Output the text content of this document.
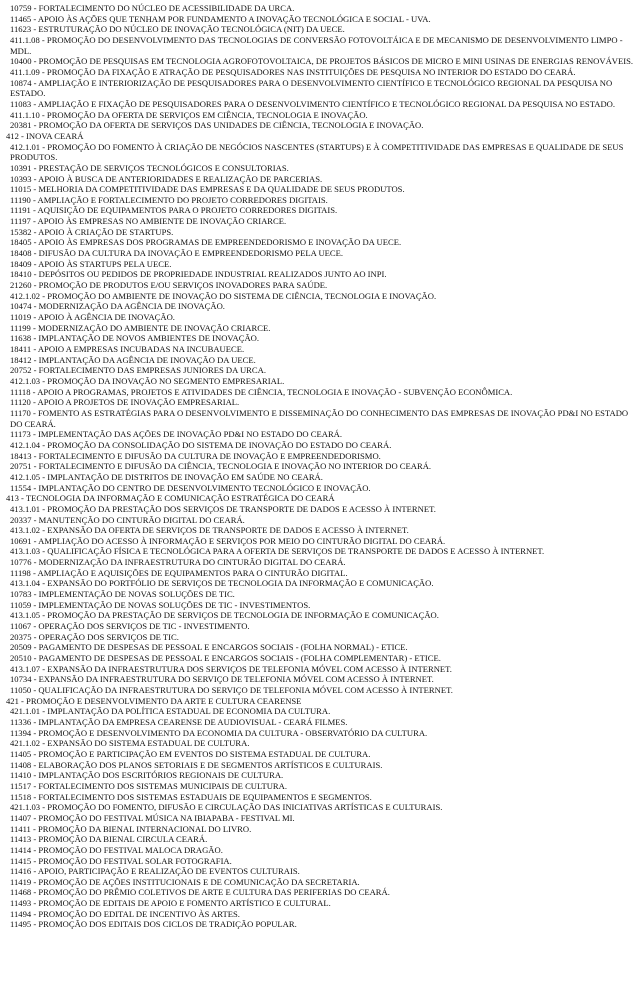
10759 - FORTALECIMENTO DO NÚCLEO DE ACESSIBILIDADE DA URCA.
11465 - APOIO ÀS AÇÕES QUE TENHAM POR FUNDAMENTO A INOVAÇÃO TECNOLÓGICA E SOCIAL - UVA.
11623 - ESTRUTURAÇÃO DO NÚCLEO DE INOVAÇÃO TECNOLÓGICA (NIT) DA UECE.
411.1.08 - PROMOÇÃO DO DESENVOLVIMENTO DAS TECNOLOGIAS DE CONVERSÃO FOTOVOLTÁICA E DE MECANISMO DE DESENVOLVIMENTO LIMPO - MDL.
10400 - PROMOÇÃO DE PESQUISAS EM TECNOLOGIA AGROFOTOVOLTAICA, DE PROJETOS BÁSICOS DE MICRO E MINI USINAS DE ENERGIAS RENOVÁVEIS.
411.1.09 - PROMOÇÃO DA FIXAÇÃO E ATRAÇÃO DE PESQUISADORES NAS INSTITUIÇÕES DE PESQUISA NO INTERIOR DO ESTADO DO CEARÁ.
10874 - AMPLIAÇÃO E INTERIORIZAÇÃO DE PESQUISADORES PARA O DESENVOLVIMENTO CIENTÍFICO E TECNOLÓGICO REGIONAL DA PESQUISA NO ESTADO.
11083 - AMPLIAÇÃO E FIXAÇÃO DE PESQUISADORES PARA O DESENVOLVIMENTO CIENTÍFICO E TECNOLÓGICO REGIONAL DA PESQUISA NO ESTADO.
411.1.10 - PROMOÇÃO DA OFERTA DE SERVIÇOS EM CIÊNCIA, TECNOLOGIA E INOVAÇÃO.
20381 - PROMOÇÃO DA OFERTA DE SERVIÇOS DAS UNIDADES DE CIÊNCIA, TECNOLOGIA E INOVAÇÃO.
412 - INOVA CEARÁ
412.1.01 - PROMOÇÃO DO FOMENTO À CRIAÇÃO DE NEGÓCIOS NASCENTES (STARTUPS) E À COMPETITIVIDADE DAS EMPRESAS E QUALIDADE DE SEUS PRODUTOS.
10391 - PRESTAÇÃO DE SERVIÇOS TECNOLÓGICOS E CONSULTORIAS.
10393 - APOIO À BUSCA DE ANTERIORIDADES E REALIZAÇÃO DE PARCERIAS.
11015 - MELHORIA DA COMPETITIVIDADE DAS EMPRESAS E DA QUALIDADE DE SEUS PRODUTOS.
11190 - AMPLIAÇÃO E FORTALECIMENTO DO PROJETO CORREDORES DIGITAIS.
11191 - AQUISIÇÃO DE EQUIPAMENTOS PARA O PROJETO CORREDORES DIGITAIS.
11197 - APOIO ÀS EMPRESAS NO AMBIENTE DE INOVAÇÃO CRIARCE.
15382 - APOIO À CRIAÇÃO DE STARTUPS.
18405 - APOIO ÀS EMPRESAS DOS PROGRAMAS DE EMPREENDEDORISMO E INOVAÇÃO DA UECE.
18408 - DIFUSÃO DA CULTURA DA INOVAÇÃO E EMPREENDEDORISMO PELA UECE.
18409 - APOIO ÀS STARTUPS PELA UECE.
18410 - DEPÓSITOS OU PEDIDOS DE PROPRIEDADE INDUSTRIAL REALIZADOS JUNTO AO INPI.
21260 - PROMOÇÃO DE PRODUTOS E/OU SERVIÇOS INOVADORES PARA SAÚDE.
412.1.02 - PROMOÇÃO DO AMBIENTE DE INOVAÇÃO DO SISTEMA DE CIÊNCIA, TECNOLOGIA E INOVAÇÃO.
10474 - MODERNIZAÇÃO DA AGÊNCIA DE INOVAÇÃO.
11019 - APOIO À AGÊNCIA DE INOVAÇÃO.
11199 - MODERNIZAÇÃO DO AMBIENTE DE INOVAÇÃO CRIARCE.
11638 - IMPLANTAÇÃO DE NOVOS AMBIENTES DE INOVAÇÃO.
18411 - APOIO A EMPRESAS INCUBADAS NA INCUBAUECE.
18412 - IMPLANTAÇÃO DA AGÊNCIA DE INOVAÇÃO DA UECE.
20752 - FORTALECIMENTO DAS EMPRESAS JUNIORES DA URCA.
412.1.03 - PROMOÇÃO DA INOVAÇÃO NO SEGMENTO EMPRESARIAL.
11118 - APOIO A PROGRAMAS, PROJETOS E ATIVIDADES DE CIÊNCIA, TECNOLOGIA E INOVAÇÃO - SUBVENÇÃO ECONÔMICA.
11120 - APOIO A PROJETOS DE INOVAÇÃO EMPRESARIAL.
11170 - FOMENTO AS ESTRATÉGIAS PARA O DESENVOLVIMENTO E DISSEMINAÇÃO DO CONHECIMENTO DAS EMPRESAS DE INOVAÇÃO PD&I NO ESTADO DO CEARÁ.
11173 - IMPLEMENTAÇÃO DAS AÇÕES DE INOVAÇÃO PD&I NO ESTADO DO CEARÁ.
412.1.04 - PROMOÇÃO DA CONSOLIDAÇÃO DO SISTEMA DE INOVAÇÃO DO ESTADO DO CEARÁ.
18413 - FORTALECIMENTO E DIFUSÃO DA CULTURA DE INOVAÇÃO E EMPREENDEDORISMO.
20751 - FORTALECIMENTO E DIFUSÃO DA CIÊNCIA, TECNOLOGIA E INOVAÇÃO NO INTERIOR DO CEARÁ.
412.1.05 - IMPLANTAÇÃO DE DISTRITOS DE INOVAÇÃO EM SAÚDE NO CEARÁ.
11554 - IMPLANTAÇÃO DO CENTRO DE DESENVOLVIMENTO TECNOLÓGICO E INOVAÇÃO.
413 - TECNOLOGIA DA INFORMAÇÃO E COMUNICAÇÃO ESTRATÉGICA DO CEARÁ
413.1.01 - PROMOÇÃO DA PRESTAÇÃO DOS SERVIÇOS DE TRANSPORTE DE DADOS E ACESSO À INTERNET.
20337 - MANUTENÇÃO DO CINTURÃO DIGITAL DO CEARÁ.
413.1.02 - EXPANSÃO DA OFERTA DE SERVIÇOS DE TRANSPORTE DE DADOS E ACESSO À INTERNET.
10691 - AMPLIAÇÃO DO ACESSO À INFORMAÇÃO E SERVIÇOS POR MEIO DO CINTURÃO DIGITAL DO CEARÁ.
413.1.03 - QUALIFICAÇÃO FÍSICA E TECNOLÓGICA PARA A OFERTA DE SERVIÇOS DE TRANSPORTE DE DADOS E ACESSO À INTERNET.
10776 - MODERNIZAÇÃO DA INFRAESTRUTURA DO CINTURÃO DIGITAL DO CEARÁ.
11198 - AMPLIAÇÃO E AQUISIÇÕES DE EQUIPAMENTOS PARA O CINTURÃO DIGITAL.
413.1.04 - EXPANSÃO DO PORTFÓLIO DE SERVIÇOS DE TECNOLOGIA DA INFORMAÇÃO E COMUNICAÇÃO.
10783 - IMPLEMENTAÇÃO DE NOVAS SOLUÇÕES DE TIC.
11059 - IMPLEMENTAÇÃO DE NOVAS SOLUÇÕES DE TIC - INVESTIMENTOS.
413.1.05 - PROMOÇÃO DA PRESTAÇÃO DE SERVIÇOS DE TECNOLOGIA DE INFORMAÇÃO E COMUNICAÇÃO.
11067 - OPERAÇÃO DOS SERVIÇOS DE TIC - INVESTIMENTO.
20375 - OPERAÇÃO DOS SERVIÇOS DE TIC.
20509 - PAGAMENTO DE DESPESAS DE PESSOAL E ENCARGOS SOCIAIS - (FOLHA NORMAL) - ETICE.
20510 - PAGAMENTO DE DESPESAS DE PESSOAL E ENCARGOS SOCIAIS - (FOLHA COMPLEMENTAR) - ETICE.
413.1.07 - EXPANSÃO DA INFRAESTRUTURA DOS SERVIÇOS DE TELEFONIA MÓVEL COM ACESSO À INTERNET.
10734 - EXPANSÃO DA INFRAESTRUTURA DO SERVIÇO DE TELEFONIA MÓVEL COM ACESSO À INTERNET.
11050 - QUALIFICAÇÃO DA INFRAESTRUTURA DO SERVIÇO DE TELEFONIA MÓVEL COM ACESSO À INTERNET.
421 - PROMOÇÃO E DESENVOLVIMENTO DA ARTE E CULTURA CEARENSE
421.1.01 - IMPLANTAÇÃO DA POLÍTICA ESTADUAL DE ECONOMIA DA CULTURA.
11336 - IMPLANTAÇÃO DA EMPRESA CEARENSE DE AUDIOVISUAL - CEARÁ FILMES.
11394 - PROMOÇÃO E DESENVOLVIMENTO DA ECONOMIA DA CULTURA - OBSERVATÓRIO DA CULTURA.
421.1.02 - EXPANSÃO DO SISTEMA ESTADUAL DE CULTURA.
11405 - PROMOÇÃO E PARTICIPAÇÃO EM EVENTOS DO SISTEMA ESTADUAL DE CULTURA.
11408 - ELABORAÇÃO DOS PLANOS SETORIAIS E DE SEGMENTOS ARTÍSTICOS E CULTURAIS.
11410 - IMPLANTAÇÃO DOS ESCRITÓRIOS REGIONAIS DE CULTURA.
11517 - FORTALECIMENTO DOS SISTEMAS MUNICIPAIS DE CULTURA.
11518 - FORTALECIMENTO DOS SISTEMAS ESTADUAIS DE EQUIPAMENTOS E SEGMENTOS.
421.1.03 - PROMOÇÃO DO FOMENTO, DIFUSÃO E CIRCULAÇÃO DAS INICIATIVAS ARTÍSTICAS E CULTURAIS.
11407 - PROMOÇÃO DO FESTIVAL MÚSICA NA IBIAPABA - FESTIVAL MI.
11411 - PROMOÇÃO DA BIENAL INTERNACIONAL DO LIVRO.
11413 - PROMOÇÃO DA BIENAL CIRCULA CEARÁ.
11414 - PROMOÇÃO DO FESTIVAL MALOCA DRAGÃO.
11415 - PROMOÇÃO DO FESTIVAL SOLAR FOTOGRAFIA.
11416 - APOIO, PARTICIPAÇÃO E REALIZAÇÃO DE EVENTOS CULTURAIS.
11419 - PROMOÇÃO DE AÇÕES INSTITUCIONAIS E DE COMUNICAÇÃO DA SECRETARIA.
11468 - PROMOÇÃO DO PRÊMIO COLETIVOS DE ARTE E CULTURA DAS PERIFERIAS DO CEARÁ.
11493 - PROMOÇÃO DE EDITAIS DE APOIO E FOMENTO ARTÍSTICO E CULTURAL.
11494 - PROMOÇÃO DO EDITAL DE INCENTIVO ÀS ARTES.
11495 - PROMOÇÃO DOS EDITAIS DOS CICLOS DE TRADIÇÃO POPULAR.
